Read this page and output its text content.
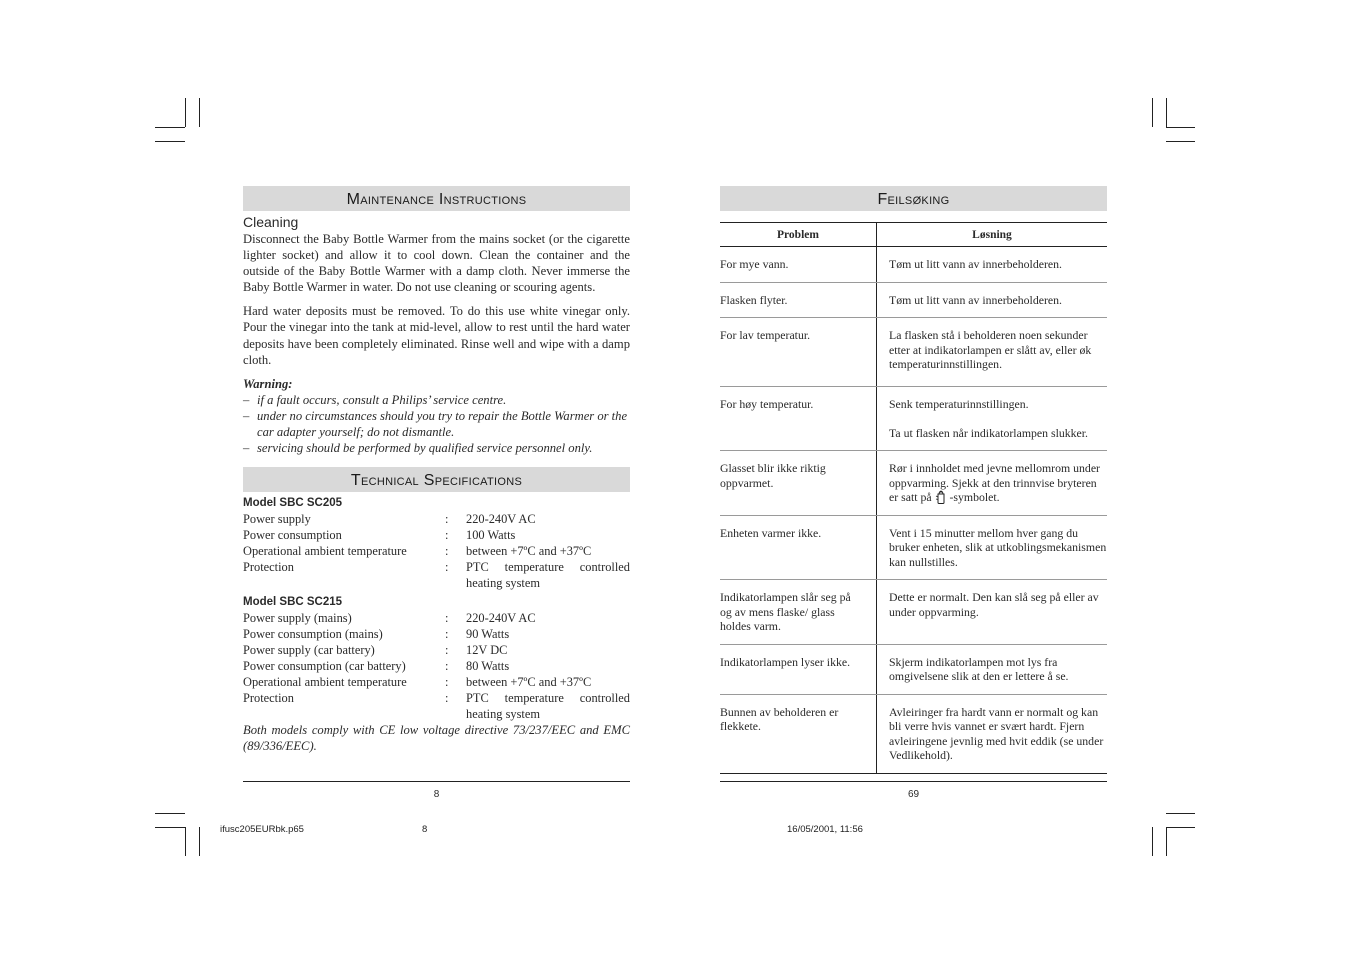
Maintenance Instructions
Cleaning

Disconnect the Baby Bottle Warmer from the mains socket (or the cigarette lighter socket) and allow it to cool down. Clean the container and the outside of the Baby Bottle Warmer with a damp cloth. Never immerse the Baby Bottle Warmer in water. Do not use cleaning or scouring agents.

Hard water deposits must be removed. To do this use white vinegar only. Pour the vinegar into the tank at mid-level, allow to rest until the hard water deposits have been completely eliminated. Rinse well and wipe with a damp cloth.

Warning:
– if a fault occurs, consult a Philips’ service centre.
– under no circumstances should you try to repair the Bottle Warmer or the car adapter yourself; do not dismantle.
– servicing should be performed by qualified service personnel only.
Technical Specifications
Model SBC SC205
Power supply	:	220-240V AC
Power consumption	:	100 Watts
Operational ambient temperature	:	between +7ºC and +37ºC
Protection	:	PTC temperature controlled heating system
Model SBC SC215
Power supply (mains)	:	220-240V AC
Power consumption (mains)	:	90 Watts
Power supply (car battery)	:	12V DC
Power consumption (car battery)	:	80 Watts
Operational ambient temperature	:	between +7ºC and +37ºC
Protection	:	PTC temperature controlled heating system
Both models comply with CE low voltage directive 73/237/EEC and EMC (89/336/EEC).
8
Feilsøking
Problem	Løsning
For mye vann.	Tøm ut litt vann av innerbeholderen.
Flasken flyter.	Tøm ut litt vann av innerbeholderen.
For lav temperatur.	La flasken stå i beholderen noen sekunder etter at indikatorlampen er slått av, eller øk temperaturinnstillingen.
For høy temperatur.	Senk temperaturinnstillingen.
Ta ut flasken når indikatorlampen slukker.
Glasset blir ikke riktig oppvarmet.	Rør i innholdet med jevne mellomrom under oppvarming. Sjekk at den trinnvise bryteren er satt på -symbolet.
Enheten varmer ikke.	Vent i 15 minutter mellom hver gang du bruker enheten, slik at utkoblingsmekanismen kan nullstilles.
Indikatorlampen slår seg på og av mens flaske/ glass holdes varm.	Dette er normalt. Den kan slå seg på eller av under oppvarming.
Indikatorlampen lyser ikke.	Skjerm indikatorlampen mot lys fra omgivelsene slik at den er lettere å se.
Bunnen av beholderen er flekkete.	Avleiringer fra hardt vann er normalt og kan bli verre hvis vannet er svært hardt. Fjern avleiringene jevnlig med hvit eddik (se under Vedlikehold).
69
ifusc205EURbk.p65	8	16/05/2001, 11:56
